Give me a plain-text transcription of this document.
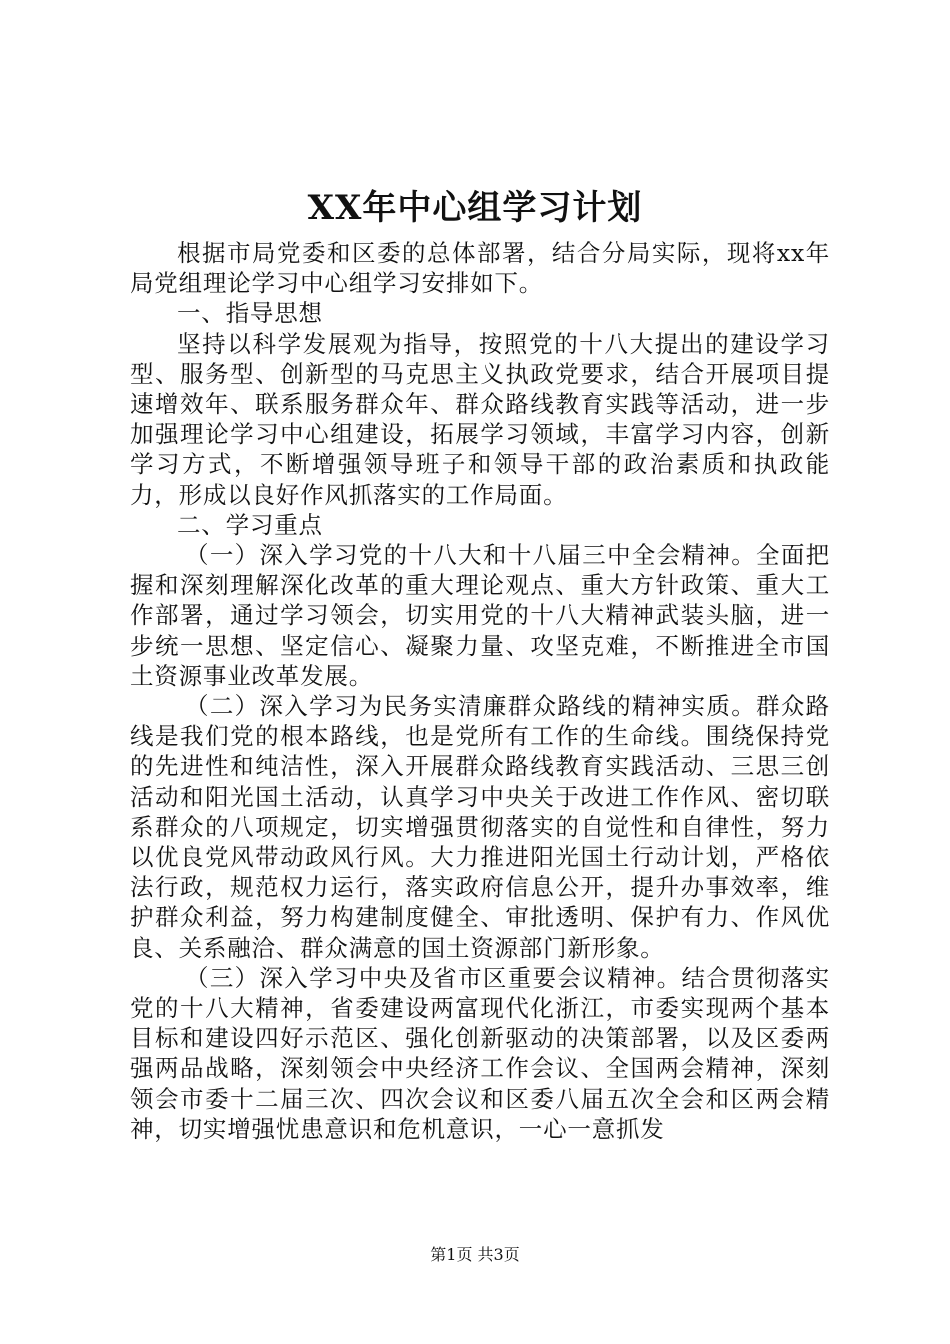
XX年中心组学习计划

根据市局党委和区委的总体部署，结合分局实际，现将xx年局党组理论学习中心组学习安排如下。

一、指导思想

坚持以科学发展观为指导，按照党的十八大提出的建设学习型、服务型、创新型的马克思主义执政党要求，结合开展项目提速增效年、联系服务群众年、群众路线教育实践等活动，进一步加强理论学习中心组建设，拓展学习领域，丰富学习内容，创新学习方式，不断增强领导班子和领导干部的政治素质和执政能力，形成以良好作风抓落实的工作局面。

二、学习重点

（一）深入学习党的十八大和十八届三中全会精神。全面把握和深刻理解深化改革的重大理论观点、重大方针政策、重大工作部署，通过学习领会，切实用党的十八大精神武装头脑，进一步统一思想、坚定信心、凝聚力量、攻坚克难，不断推进全市国土资源事业改革发展。

（二）深入学习为民务实清廉群众路线的精神实质。群众路线是我们党的根本路线，也是党所有工作的生命线。围绕保持党的先进性和纯洁性，深入开展群众路线教育实践活动、三思三创活动和阳光国土活动，认真学习中央关于改进工作作风、密切联系群众的八项规定，切实增强贯彻落实的自觉性和自律性，努力以优良党风带动政风行风。大力推进阳光国土行动计划，严格依法行政，规范权力运行，落实政府信息公开，提升办事效率，维护群众利益，努力构建制度健全、审批透明、保护有力、作风优良、关系融洽、群众满意的国土资源部门新形象。

（三）深入学习中央及省市区重要会议精神。结合贯彻落实党的十八大精神，省委建设两富现代化浙江，市委实现两个基本目标和建设四好示范区、强化创新驱动的决策部署，以及区委两强两品战略，深刻领会中央经济工作会议、全国两会精神，深刻领会市委十二届三次、四次会议和区委八届五次全会和区两会精神，切实增强忧患意识和危机意识，一心一意抓发

第1页 共3页
